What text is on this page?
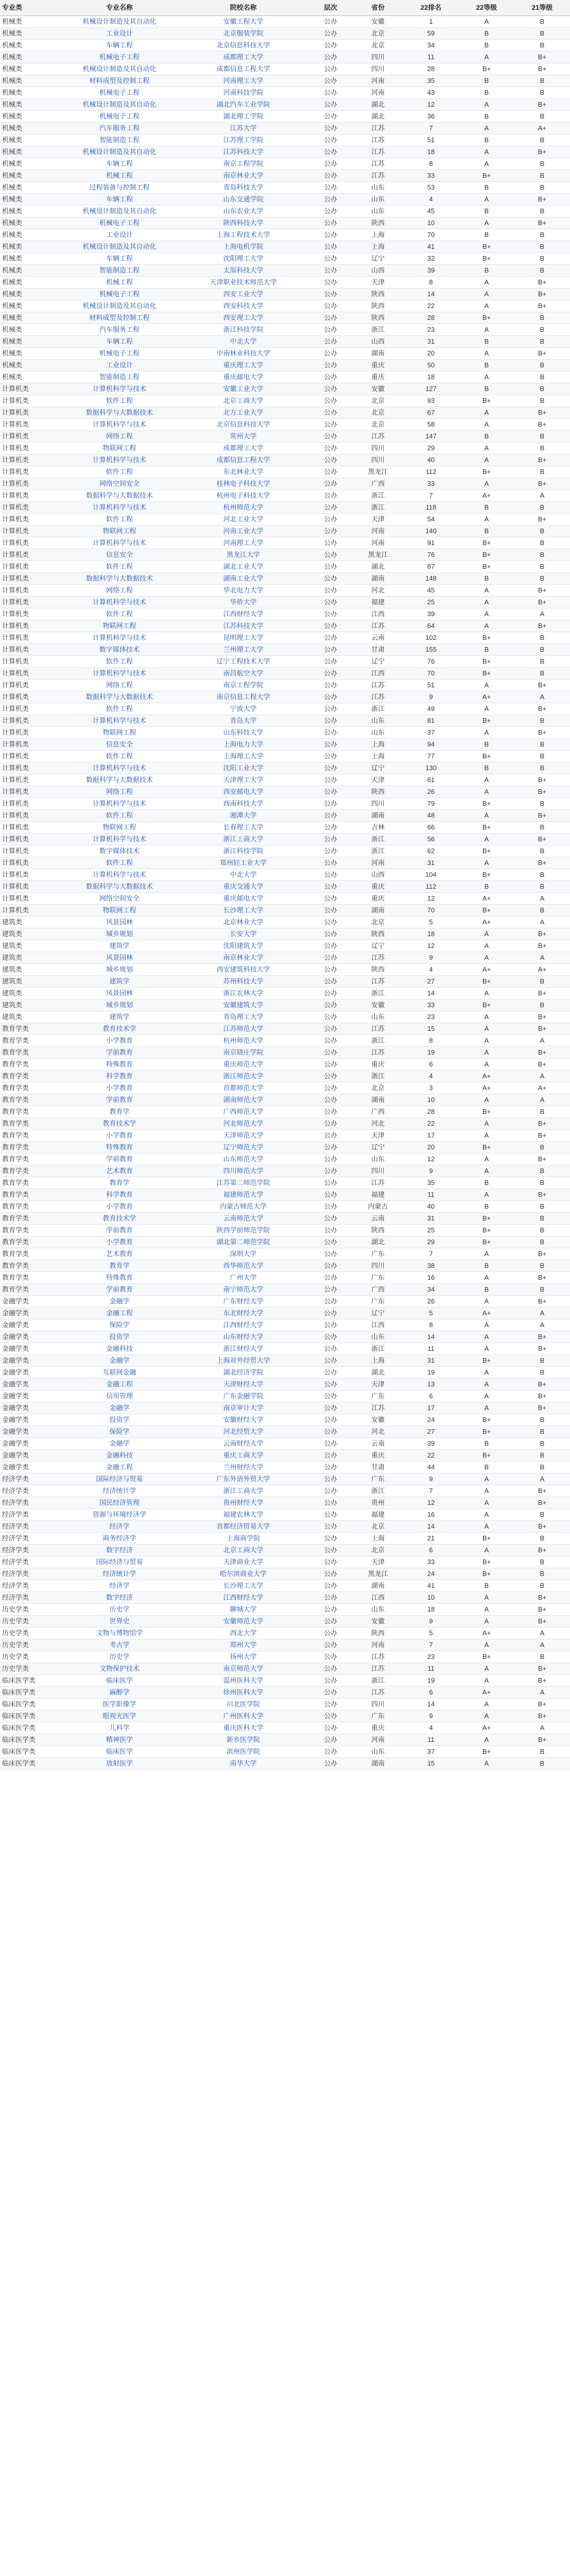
专业类	专业名称	院校名称	层次	省份	22排名	22等级	21等级
机械类	机械设计制造及其自动化	安徽工程大学	公办	安徽	1	A	B
机械类	工业设计	北京服装学院	公办	北京	59	B	B
机械类	车辆工程	北京信息科技大学	公办	北京	34	B	B
机械类	机械电子工程	成都理工大学	公办	四川	11	A	B+
机械类	机械设计制造及其自动化	成都信息工程大学	公办	四川	28	B+	B+
机械类	材料成型及控制工程	河南理工大学	公办	河南	35	B	B
机械类	机械电子工程	河南科技学院	公办	河南	43	B	B
机械类	机械设计制造及其自动化	湖北汽车工业学院	公办	湖北	12	A	B+
机械类	机械电子工程	湖北理工学院	公办	湖北	36	B	B
机械类	汽车服务工程	江苏大学	公办	江苏	7	A	A+
机械类	智能制造工程	江苏理工学院	公办	江苏	51	B	B
机械类	机械设计制造及其自动化	江苏科技大学	公办	江苏	18	A	B+
机械类	车辆工程	南京工程学院	公办	江苏	8	A	B
机械类	机械工程	南京林业大学	公办	江苏	33	B+	B
机械类	过程装备与控制工程	青岛科技大学	公办	山东	53	B	B
机械类	车辆工程	山东交通学院	公办	山东	4	A	B+
机械类	机械设计制造及其自动化	山东农业大学	公办	山东	45	B	B
机械类	机械电子工程	陕西科技大学	公办	陕西	10	A	B+
机械类	工业设计	上海工程技术大学	公办	上海	70	B	B
机械类	机械设计制造及其自动化	上海电机学院	公办	上海	41	B+	B
机械类	车辆工程	沈阳理工大学	公办	辽宁	32	B+	B
机械类	智能制造工程	太原科技大学	公办	山西	39	B	B
机械类	机械工程	天津职业技术师范大学	公办	天津	8	A	B+
机械类	机械电子工程	西安工业大学	公办	陕西	14	A	B+
机械类	机械设计制造及其自动化	西安科技大学	公办	陕西	22	A	B+
机械类	材料成型及控制工程	西安理工大学	公办	陕西	28	B+	B
机械类	汽车服务工程	浙江科技学院	公办	浙江	23	A	B
机械类	车辆工程	中北大学	公办	山西	31	B	B
机械类	机械电子工程	中南林业科技大学	公办	湖南	20	A	B+
机械类	工业设计	重庆理工大学	公办	重庆	50	B	B
机械类	智能制造工程	重庆邮电大学	公办	重庆	18	A	B
计算机类	计算机科学与技术	安徽工业大学	公办	安徽	127	B	B
计算机类	软件工程	北京工商大学	公办	北京	93	B+	B
计算机类	数据科学与大数据技术	北方工业大学	公办	北京	67	A	B+
计算机类	计算机科学与技术	北京信息科技大学	公办	北京	58	A	B+
计算机类	网络工程	常州大学	公办	江苏	147	B	B
计算机类	物联网工程	成都理工大学	公办	四川	29	A	B
计算机类	计算机科学与技术	成都信息工程大学	公办	四川	40	A	B+
计算机类	软件工程	东北林业大学	公办	黑龙江	112	B+	B
计算机类	网络空间安全	桂林电子科技大学	公办	广西	33	A	B+
计算机类	数据科学与大数据技术	杭州电子科技大学	公办	浙江	7	A+	A
计算机类	计算机科学与技术	杭州师范大学	公办	浙江	118	B	B
计算机类	软件工程	河北工业大学	公办	天津	54	A	B+
计算机类	物联网工程	河南工业大学	公办	河南	140	B	B
计算机类	计算机科学与技术	河南理工大学	公办	河南	91	B+	B
计算机类	信息安全	黑龙江大学	公办	黑龙江	76	B+	B
计算机类	软件工程	湖北工业大学	公办	湖北	87	B+	B
计算机类	数据科学与大数据技术	湖南工业大学	公办	湖南	148	B	B
计算机类	网络工程	华北电力大学	公办	河北	45	A	B+
计算机类	计算机科学与技术	华侨大学	公办	福建	25	A	B+
计算机类	软件工程	江西财经大学	公办	江西	39	A	A
计算机类	物联网工程	江苏科技大学	公办	江苏	64	A	B+
计算机类	计算机科学与技术	昆明理工大学	公办	云南	102	B+	B
计算机类	数字媒体技术	兰州理工大学	公办	甘肃	155	B	B
计算机类	软件工程	辽宁工程技术大学	公办	辽宁	76	B+	B
计算机类	计算机科学与技术	南昌航空大学	公办	江西	70	B+	B
计算机类	网络工程	南京工程学院	公办	江苏	51	A	B+
计算机类	数据科学与大数据技术	南京信息工程大学	公办	江苏	9	A+	A
计算机类	软件工程	宁波大学	公办	浙江	49	A	B+
计算机类	计算机科学与技术	青岛大学	公办	山东	81	B+	B
计算机类	物联网工程	山东科技大学	公办	山东	37	A	B+
计算机类	信息安全	上海电力大学	公办	上海	94	B	B
计算机类	软件工程	上海理工大学	公办	上海	77	B+	B
计算机类	计算机科学与技术	沈阳工业大学	公办	辽宁	130	B	B
计算机类	数据科学与大数据技术	天津理工大学	公办	天津	61	A	B+
计算机类	网络工程	西安邮电大学	公办	陕西	26	A	B+
计算机类	计算机科学与技术	西南科技大学	公办	四川	79	B+	B
计算机类	软件工程	湘潭大学	公办	湖南	48	A	B+
计算机类	物联网工程	长春理工大学	公办	吉林	66	B+	B
计算机类	计算机科学与技术	浙江工商大学	公办	浙江	56	A	B+
计算机类	数字媒体技术	浙江科技学院	公办	浙江	62	B+	B
计算机类	软件工程	郑州轻工业大学	公办	河南	31	A	B+
计算机类	计算机科学与技术	中北大学	公办	山西	104	B+	B
计算机类	数据科学与大数据技术	重庆交通大学	公办	重庆	112	B	B
计算机类	网络空间安全	重庆邮电大学	公办	重庆	12	A+	A
计算机类	物联网工程	长沙理工大学	公办	湖南	70	B+	B
建筑类	风景园林	北京林业大学	公办	北京	5	A+	A
建筑类	城乡规划	长安大学	公办	陕西	18	A	B+
建筑类	建筑学	沈阳建筑大学	公办	辽宁	12	A	B+
建筑类	风景园林	南京林业大学	公办	江苏	9	A	A
建筑类	城乡规划	西安建筑科技大学	公办	陕西	4	A+	A+
建筑类	建筑学	苏州科技大学	公办	江苏	27	B+	B
建筑类	风景园林	浙江农林大学	公办	浙江	14	A	B+
建筑类	城乡规划	安徽建筑大学	公办	安徽	33	B+	B
建筑类	建筑学	青岛理工大学	公办	山东	23	A	B+
教育学类	教育技术学	江苏师范大学	公办	江苏	15	A	B+
教育学类	小学教育	杭州师范大学	公办	浙江	8	A	A
教育学类	学前教育	南京晓庄学院	公办	江苏	19	A	B+
教育学类	特殊教育	重庆师范大学	公办	重庆	6	A	B+
教育学类	科学教育	浙江师范大学	公办	浙江	4	A+	A
教育学类	小学教育	首都师范大学	公办	北京	3	A+	A+
教育学类	学前教育	湖南师范大学	公办	湖南	10	A	A
教育学类	教育学	广西师范大学	公办	广西	28	B+	B
教育学类	教育技术学	河北师范大学	公办	河北	22	A	B+
教育学类	小学教育	天津师范大学	公办	天津	17	A	B+
教育学类	特殊教育	辽宁师范大学	公办	辽宁	20	B+	B
教育学类	学前教育	山东师范大学	公办	山东	12	A	B+
教育学类	艺术教育	四川师范大学	公办	四川	9	A	B
教育学类	教育学	江苏第二师范学院	公办	江苏	35	B	B
教育学类	科学教育	福建师范大学	公办	福建	11	A	B+
教育学类	小学教育	内蒙古师范大学	公办	内蒙古	40	B	B
教育学类	教育技术学	云南师范大学	公办	云南	31	B+	B
教育学类	学前教育	陕西学前师范学院	公办	陕西	25	B+	B
教育学类	小学教育	湖北第二师范学院	公办	湖北	29	B+	B
教育学类	艺术教育	深圳大学	公办	广东	7	A	B+
教育学类	教育学	西华师范大学	公办	四川	38	B	B
教育学类	特殊教育	广州大学	公办	广东	16	A	B+
教育学类	学前教育	南宁师范大学	公办	广西	34	B	B
金融学类	金融学	广东财经大学	公办	广东	26	A	B+
金融学类	金融工程	东北财经大学	公办	辽宁	5	A+	A
金融学类	保险学	江西财经大学	公办	江西	8	A	A
金融学类	投资学	山东财经大学	公办	山东	14	A	B+
金融学类	金融科技	浙江财经大学	公办	浙江	11	A	B+
金融学类	金融学	上海对外经贸大学	公办	上海	31	B+	B
金融学类	互联网金融	湖北经济学院	公办	湖北	19	A	B
金融学类	金融工程	天津财经大学	公办	天津	13	A	B+
金融学类	信用管理	广东金融学院	公办	广东	6	A	B+
金融学类	金融学	南京审计大学	公办	江苏	17	A	B+
金融学类	投资学	安徽财经大学	公办	安徽	24	B+	B
金融学类	保险学	河北经贸大学	公办	河北	27	B+	B
金融学类	金融学	云南财经大学	公办	云南	39	B	B
金融学类	金融科技	重庆工商大学	公办	重庆	22	B+	B
金融学类	金融工程	兰州财经大学	公办	甘肃	44	B	B
经济学类	国际经济与贸易	广东外语外贸大学	公办	广东	9	A	A
经济学类	经济统计学	浙江工商大学	公办	浙江	7	A	B+
经济学类	国民经济管理	贵州财经大学	公办	贵州	12	A	B+
经济学类	资源与环境经济学	福建农林大学	公办	福建	16	A	B
经济学类	经济学	首都经济贸易大学	公办	北京	14	A	B+
经济学类	商务经济学	上海商学院	公办	上海	21	B+	B
经济学类	数字经济	北京工商大学	公办	北京	6	A	B+
经济学类	国际经济与贸易	天津商业大学	公办	天津	33	B+	B
经济学类	经济统计学	哈尔滨商业大学	公办	黑龙江	24	B+	B
经济学类	经济学	长沙理工大学	公办	湖南	41	B	B
经济学类	数字经济	江西财经大学	公办	江西	10	A	B+
历史学类	历史学	聊城大学	公办	山东	18	A	B+
历史学类	世界史	安徽师范大学	公办	安徽	9	A	B+
历史学类	文物与博物馆学	西北大学	公办	陕西	5	A+	A
历史学类	考古学	郑州大学	公办	河南	7	A	A
历史学类	历史学	扬州大学	公办	江苏	23	B+	B
历史学类	文物保护技术	南京师范大学	公办	江苏	11	A	B+
临床医学类	临床医学	温州医科大学	公办	浙江	19	A	B+
临床医学类	麻醉学	徐州医科大学	公办	江苏	6	A+	A
临床医学类	医学影像学	川北医学院	公办	四川	14	A	B+
临床医学类	眼视光医学	广州医科大学	公办	广东	9	A	B+
临床医学类	儿科学	重庆医科大学	公办	重庆	4	A+	A
临床医学类	精神医学	新乡医学院	公办	河南	11	A	B+
临床医学类	临床医学	滨州医学院	公办	山东	37	B+	B
临床医学类	放射医学	南华大学	公办	湖南	15	A	B
